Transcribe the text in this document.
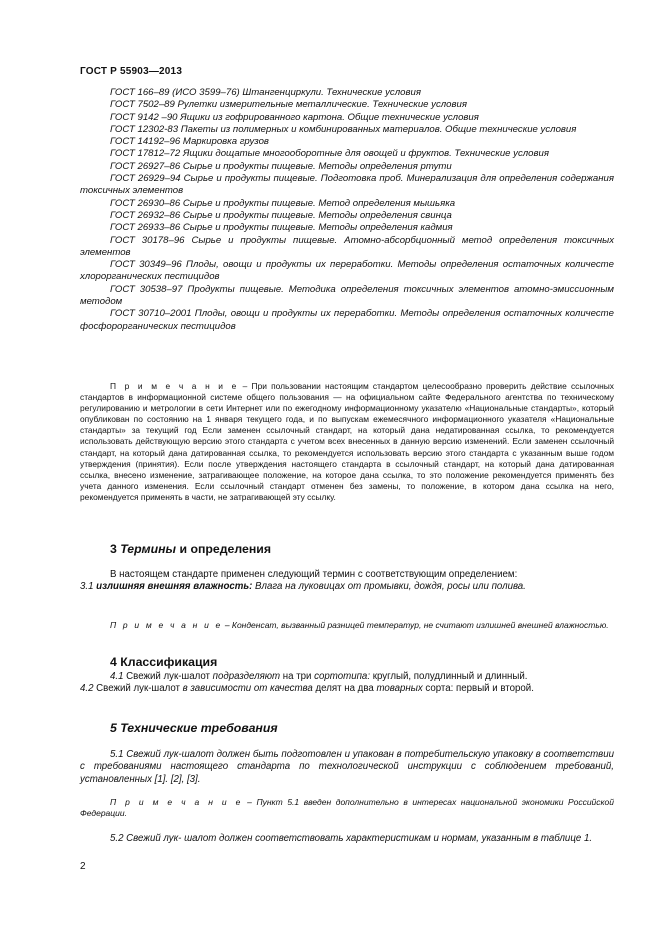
ГОСТ Р 55903—2013

ГОСТ 166–89 (ИСО 3599–76) Штангенциркули. Технические условия

ГОСТ 7502–89 Рулетки измерительные металлические. Технические условия

ГОСТ 9142 –90 Ящики из гофрированного картона. Общие технические условия

ГОСТ 12302-83 Пакеты из полимерных и комбинированных материалов. Общие технические условия

ГОСТ 14192–96 Маркировка грузов

ГОСТ 17812–72 Ящики дощатые многооборотные для овощей и фруктов. Технические условия

ГОСТ 26927–86 Сырье и продукты пищевые. Методы определения ртути

ГОСТ 26929–94 Сырье и продукты пищевые. Подготовка проб. Минерализация для определения содержания токсичных элементов

ГОСТ 26930–86 Сырье и продукты пищевые. Метод определения мышьяка

ГОСТ 26932–86 Сырье и продукты пищевые. Методы определения свинца

ГОСТ 26933–86 Сырье и продукты пищевые. Методы определения кадмия

ГОСТ 30178–96 Сырье и продукты пищевые. Атомно-абсорбционный метод определения токсичных элементов

ГОСТ 30349–96 Плоды, овощи и продукты их переработки. Методы определения остаточных количесте хлорорганических пестицидов

ГОСТ 30538–97 Продукты пищевые. Методика определения токсичных элементов атомно-эмиссионным методом

ГОСТ 30710–2001 Плоды, овощи и продукты их переработки. Методы определения остаточных количесте фосфорорганических пестицидов

П р и м е ч а н и е – При пользовании настоящим стандартом целесообразно проверить действие ссылочных стандартов в информационной системе общего пользования — на официальном сайте Федерального агентства по техническому регулированию и метрологии в сети Интернет или по ежегодному информационному указателю «Национальные стандарты», который опубликован по состоянию на 1 января текущего года, и по выпускам ежемесячного информационного указателя «Национальные стандарты» за текущий год Если заменен ссылочный стандарт, на который дана недатированная ссылка, то рекомендуется использовать действующую версию этого стандарта с учетом всех внесенных в данную версию изменений. Если заменен ссылочный стандарт, на который дана датированная ссылка, то рекомендуется использовать версию этого стандарта с указанным выше годом утверждения (принятия). Если после утверждения настоящего стандарта в ссылочный стандарт, на который дана датированная ссылка, внесено изменение, затрагивающее положение, на которое дана ссылка, то это положение рекомендуется применять без учета данного изменения. Если ссылочный стандарт отменен без замены, то положение, в котором дана ссылка на него, рекомендуется применять в части, не затрагивающей эту ссылку.

3 Термины и определения

В настоящем стандарте применен следующий термин с соответствующим определением:
3.1 излишняя внешняя влажность: Влага на луковицах от промывки, дождя, росы или полива.

П р и м е ч а н и е – Конденсат, вызванный разницей температур, не считают излишней внешней влажностью.

4 Классификация

4.1 Свежий лук-шалот подразделяют на три сортотипа: круглый, полудлинный и длинный.
4.2 Свежий лук-шалот в зависимости от качества делят на два товарных сорта: первый и второй.

5 Технические требования

5.1 Свежий лук-шалот должен быть подготовлен и упакован в потребительскую упаковку в соответствии с требованиями настоящего стандарта по технологической инструкции с соблюдением требований, установленных [1]. [2], [3].

П р и м е ч а н и е – Пункт 5.1 введен дополнительно в интересах национальной экономики Российской Федерации.

5.2 Свежий лук- шалот должен соответствовать характеристикам и нормам, указанным в таблице 1.

2
